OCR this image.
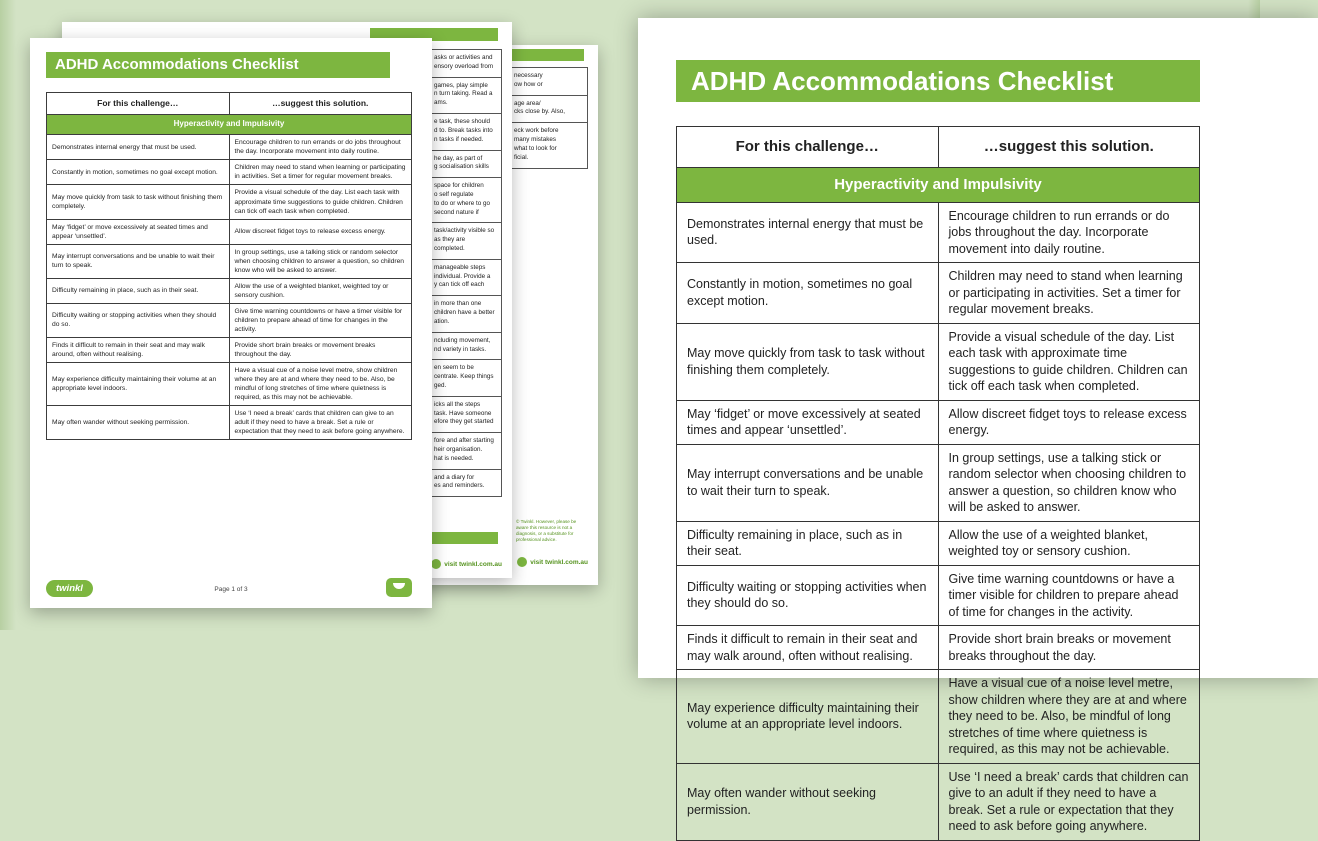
necessary
ow how or
age area/
cks close by. Also,
eck work before
many mistakes
what to look for
ficial.
© Twinkl. However, please be aware this resource is not a diagnosis, or a substitute for professional advice.
visit twinkl.com.au
asks or activities and
ensory overload from
games, play simple
n turn taking. Read a
ams.
e task, these should
d to. Break tasks into
n tasks if needed.
he day, as part of
g socialisation skills
space for children
o self regulate
to do or where to go
second nature if
task/activity visible so
as they are completed.
manageable steps
individual. Provide a
y can tick off each
in more than one
children have a better
ation.
ncluding movement,
nd variety in tasks.
en seem to be
centrate. Keep things
ged.
icks all the steps
task. Have someone
efore they get started
fore and after starting
heir organisation.
hat is needed.
and a diary for
es and reminders.
visit twinkl.com.au
ADHD Accommodations Checklist
For this challenge…	…suggest this solution.
Hyperactivity and Impulsivity	
Demonstrates internal energy that must be used.	Encourage children to run errands or do jobs throughout the day. Incorporate movement into daily routine.
Constantly in motion, sometimes no goal except motion.	Children may need to stand when learning or participating in activities. Set a timer for regular movement breaks.
May move quickly from task to task without finishing them completely.	Provide a visual schedule of the day. List each task with approximate time suggestions to guide children. Children can tick off each task when completed.
May ‘fidget’ or move excessively at seated times and appear ‘unsettled’.	Allow discreet fidget toys to release excess energy.
May interrupt conversations and be unable to wait their turn to speak.	In group settings, use a talking stick or random selector when choosing children to answer a question, so children know who will be asked to answer.
Difficulty remaining in place, such as in their seat.	Allow the use of a weighted blanket, weighted toy or sensory cushion.
Difficulty waiting or stopping activities when they should do so.	Give time warning countdowns or have a timer visible for children to prepare ahead of time for changes in the activity.
Finds it difficult to remain in their seat and may walk around, often without realising.	Provide short brain breaks or movement breaks throughout the day.
May experience difficulty maintaining their volume at an appropriate level indoors.	Have a visual cue of a noise level metre, show children where they are at and where they need to be. Also, be mindful of long stretches of time where quietness is required, as this may not be achievable.
May often wander without seeking permission.	Use ‘I need a break’ cards that children can give to an adult if they need to have a break. Set a rule or expectation that they need to ask before going anywhere.
twinkl	Page 1 of 3
ADHD Accommodations Checklist
For this challenge…	…suggest this solution.
Hyperactivity and Impulsivity	
Demonstrates internal energy that must be used.	Encourage children to run errands or do jobs throughout the day. Incorporate movement into daily routine.
Constantly in motion, sometimes no goal except motion.	Children may need to stand when learning or participating in activities. Set a timer for regular movement breaks.
May move quickly from task to task without finishing them completely.	Provide a visual schedule of the day. List each task with approximate time suggestions to guide children. Children can tick off each task when completed.
May ‘fidget’ or move excessively at seated times and appear ‘unsettled’.	Allow discreet fidget toys to release excess energy.
May interrupt conversations and be unable to wait their turn to speak.	In group settings, use a talking stick or random selector when choosing children to answer a question, so children know who will be asked to answer.
Difficulty remaining in place, such as in their seat.	Allow the use of a weighted blanket, weighted toy or sensory cushion.
Difficulty waiting or stopping activities when they should do so.	Give time warning countdowns or have a timer visible for children to prepare ahead of time for changes in the activity.
Finds it difficult to remain in their seat and may walk around, often without realising.	Provide short brain breaks or movement breaks throughout the day.
May experience difficulty maintaining their volume at an appropriate level indoors.	Have a visual cue of a noise level metre, show children where they are at and where they need to be. Also, be mindful of long stretches of time where quietness is required, as this may not be achievable.
May often wander without seeking permission.	Use ‘I need a break’ cards that children can give to an adult if they need to have a break. Set a rule or expectation that they need to ask before going anywhere.
